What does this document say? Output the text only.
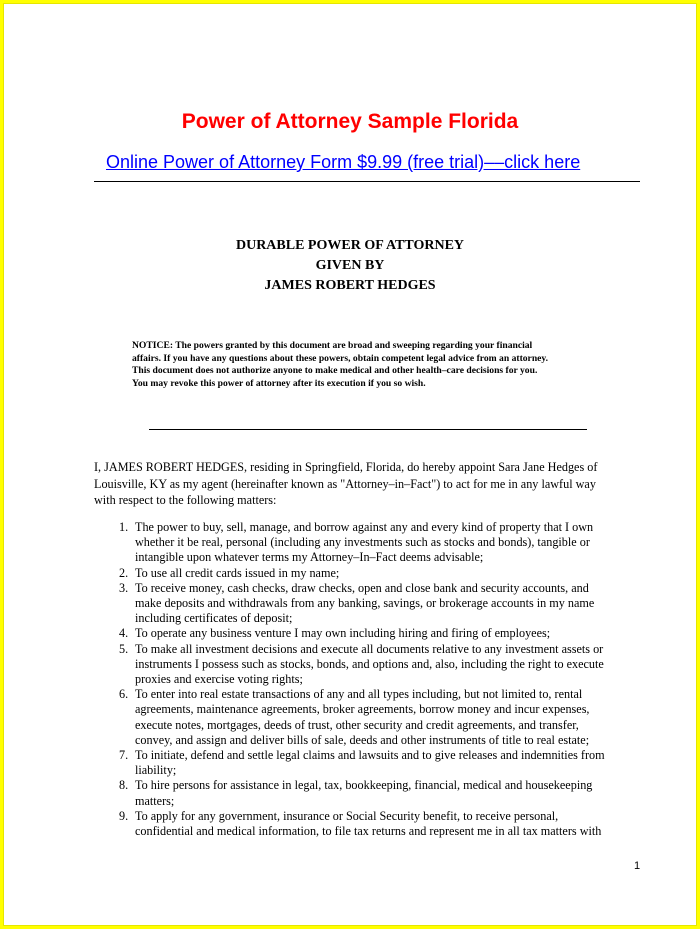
Power of Attorney Sample Florida
Online Power of Attorney Form $9.99 (free trial)––click here
DURABLE POWER OF ATTORNEY
GIVEN BY
JAMES ROBERT HEDGES
NOTICE: The powers granted by this document are broad and sweeping regarding your financial
affairs. If you have any questions about these powers, obtain competent legal advice from an attorney.
This document does not authorize anyone to make medical and other health–care decisions for you.
You may revoke this power of attorney after its execution if you so wish.
I, JAMES ROBERT HEDGES, residing in Springfield, Florida, do hereby appoint Sara Jane Hedges of
Louisville, KY as my agent (hereinafter known as "Attorney–in–Fact") to act for me in any lawful way
with respect to the following matters:
1. The power to buy, sell, manage, and borrow against any and every kind of property that I own
whether it be real, personal (including any investments such as stocks and bonds), tangible or
intangible upon whatever terms my Attorney–In–Fact deems advisable;
2. To use all credit cards issued in my name;
3. To receive money, cash checks, draw checks, open and close bank and security accounts, and
make deposits and withdrawals from any banking, savings, or brokerage accounts in my name
including certificates of deposit;
4. To operate any business venture I may own including hiring and firing of employees;
5. To make all investment decisions and execute all documents relative to any investment assets or
instruments I possess such as stocks, bonds, and options and, also, including the right to execute
proxies and exercise voting rights;
6. To enter into real estate transactions of any and all types including, but not limited to, rental
agreements, maintenance agreements, broker agreements, borrow money and incur expenses,
execute notes, mortgages, deeds of trust, other security and credit agreements, and transfer,
convey, and assign and deliver bills of sale, deeds and other instruments of title to real estate;
7. To initiate, defend and settle legal claims and lawsuits and to give releases and indemnities from
liability;
8. To hire persons for assistance in legal, tax, bookkeeping, financial, medical and housekeeping
matters;
9. To apply for any government, insurance or Social Security benefit, to receive personal,
confidential and medical information, to file tax returns and represent me in all tax matters with
1
